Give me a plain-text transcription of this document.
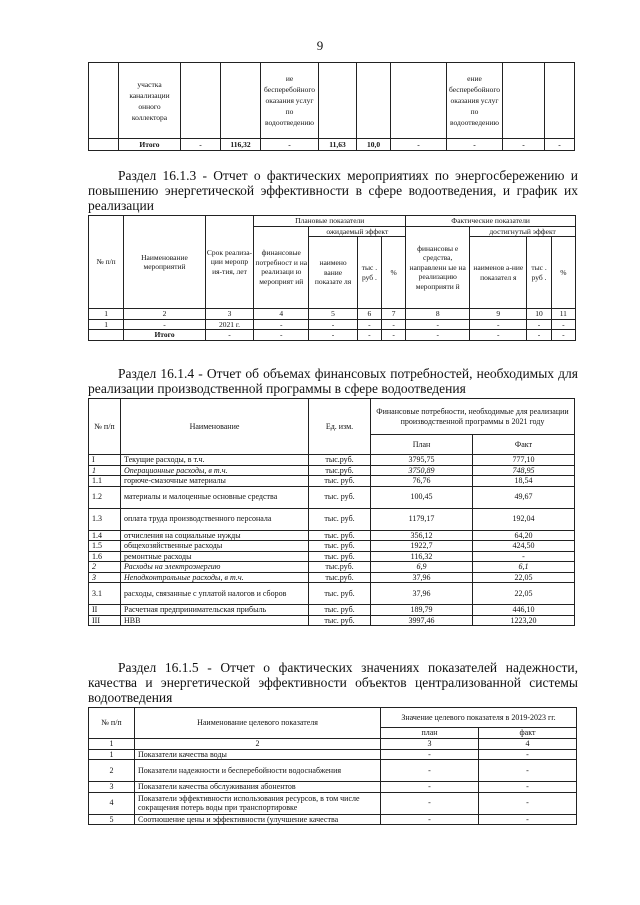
9
	участка канализации онного коллектора			ие бесперебойного оказания услуг по водоотведению				ение бесперебойного оказания услуг по водоотведению		
	Итого	-	116,32	-	11,63	10,0	-	-	-	-
Раздел 16.1.3 - Отчет о фактических мероприятиях по энергосбережению и повышению энергетической эффективности в сфере водоотведения, и график их реализации
№ п/п	Наименование мероприятий	Срок реализа-ции меропр ия-тия, лет	Плановые показатели				Фактические показатели			
			финансовые потребност и на реализаци ю мероприят ий	ожидаемый эффект			финансовы е средства, направленн ые на реализацию мероприяти й	достигнутый эффект		
				наимено вание показате ля	тыс . руб .	%		наименов а-ние показател я	тыс . руб .	%
1	2	3	4	5	6	7	8	9	10	11
1	-	2021 г.	-	-	-	-	-	-	-	-
	Итого	-	-	-	-	-	-	-	-	-
Раздел 16.1.4 - Отчет об объемах финансовых потребностей, необходимых для реализации производственной программы в сфере водоотведения
№ п/п	Наименование	Ед. изм.	Финансовые потребности, необходимые для реализации производственной программы в 2021 году	
			План	Факт
I	Текущие расходы, в т.ч.	тыс.руб.	3795,75	777,10
1	Операционные расходы, в т.ч.	тыс.руб.	3750,89	748,95
1.1	горюче-смазочные материалы	тыс. руб.	76,76	18,54
1.2	материалы и малоценные основные средства	тыс. руб.	100,45	49,67
1.3	оплата труда производственного персонала	тыс. руб.	1179,17	192,04
1.4	отчисления на социальные нужды	тыс. руб.	356,12	64,20
1.5	общехозяйственные расходы	тыс. руб.	1922,7	424,50
1.6	ремонтные расходы	тыс. руб.	116,32	-
2	Расходы на электроэнергию	тыс.руб.	6,9	6,1
3	Неподконтрольные расходы, в т.ч.	тыс.руб.	37,96	22,05
3.1	расходы, связанные с уплатой налогов и сборов	тыс. руб.	37,96	22,05
II	Расчетная предпринимательская прибыль	тыс. руб.	189,79	446,10
III	НВВ	тыс. руб.	3997,46	1223,20
Раздел 16.1.5 - Отчет о фактических значениях показателей надежности, качества и энергетической эффективности объектов централизованной системы водоотведения
№ п/п	Наименование целевого показателя	Значение целевого показателя в 2019-2023 гг.	
		план	факт
1	2	3	4
1	Показатели качества воды	-	-
2	Показатели надежности и бесперебойности водоснабжения	-	-
3	Показатели качества обслуживания абонентов	-	-
4	Показатели эффективности использования ресурсов, в том числе сокращения потерь воды при транспортировке	-	-
5	Соотношение цены и эффективности (улучшение качества	-	-
